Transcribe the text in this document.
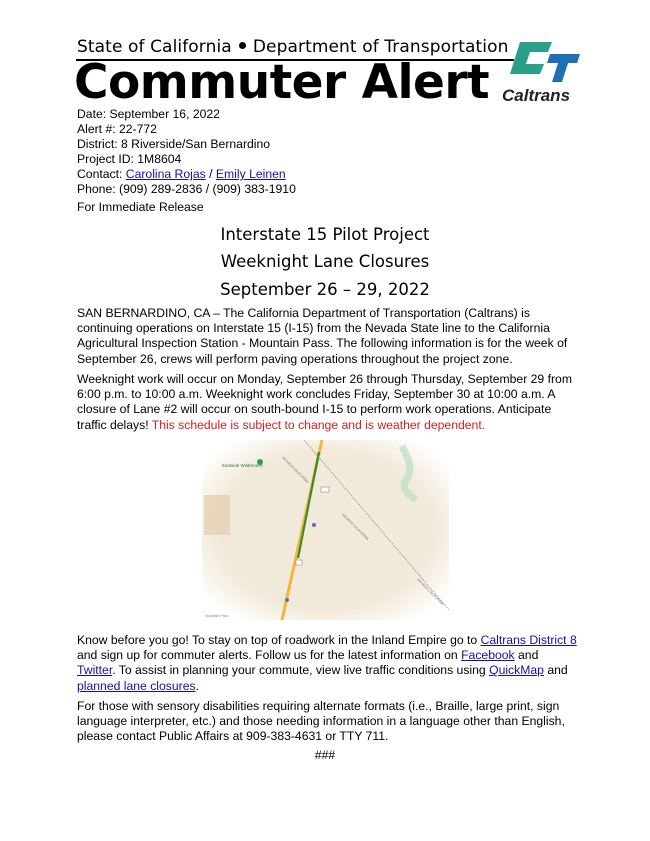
State of California Department of Transportation
Commuter Alert Caltrans
Date: September 16, 2022
Alert #: 22-772
District: 8 Riverside/San Bernardino
Project ID: 1M8604
Contact: Carolina Rojas / Emily Leinen
Phone: (909) 289-2836 / (909) 383-1910
For Immediate Release
Interstate 15 Pilot Project
Weeknight Lane Closures
September 26 – 29, 2022
SAN BERNARDINO, CA – The California Department of Transportation (Caltrans) is continuing operations on Interstate 15 (I-15) from the Nevada State line to the California Agricultural Inspection Station - Mountain Pass. The following information is for the week of September 26, crews will perform paving operations throughout the project zone.
Weeknight work will occur on Monday, September 26 through Thursday, September 29 from 6:00 p.m. to 10:00 a.m. Weeknight work concludes Friday, September 30 at 10:00 a.m. A closure of Lane #2 will occur on south-bound I-15 to perform work operations. Anticipate traffic delays! This schedule is subject to change and is weather dependent.
Eastside Wilderness	NEVADA CALIFORNIA
NEVADA CALIFORNIA
NEVADA CALIFORNIA
Mountain Pass
Know before you go! To stay on top of roadwork in the Inland Empire go to Caltrans District 8 and sign up for commuter alerts. Follow us for the latest information on Facebook and Twitter. To assist in planning your commute, view live traffic conditions using QuickMap and planned lane closures.
For those with sensory disabilities requiring alternate formats (i.e., Braille, large print, sign language interpreter, etc.) and those needing information in a language other than English, please contact Public Affairs at 909-383-4631 or TTY 711.
###
